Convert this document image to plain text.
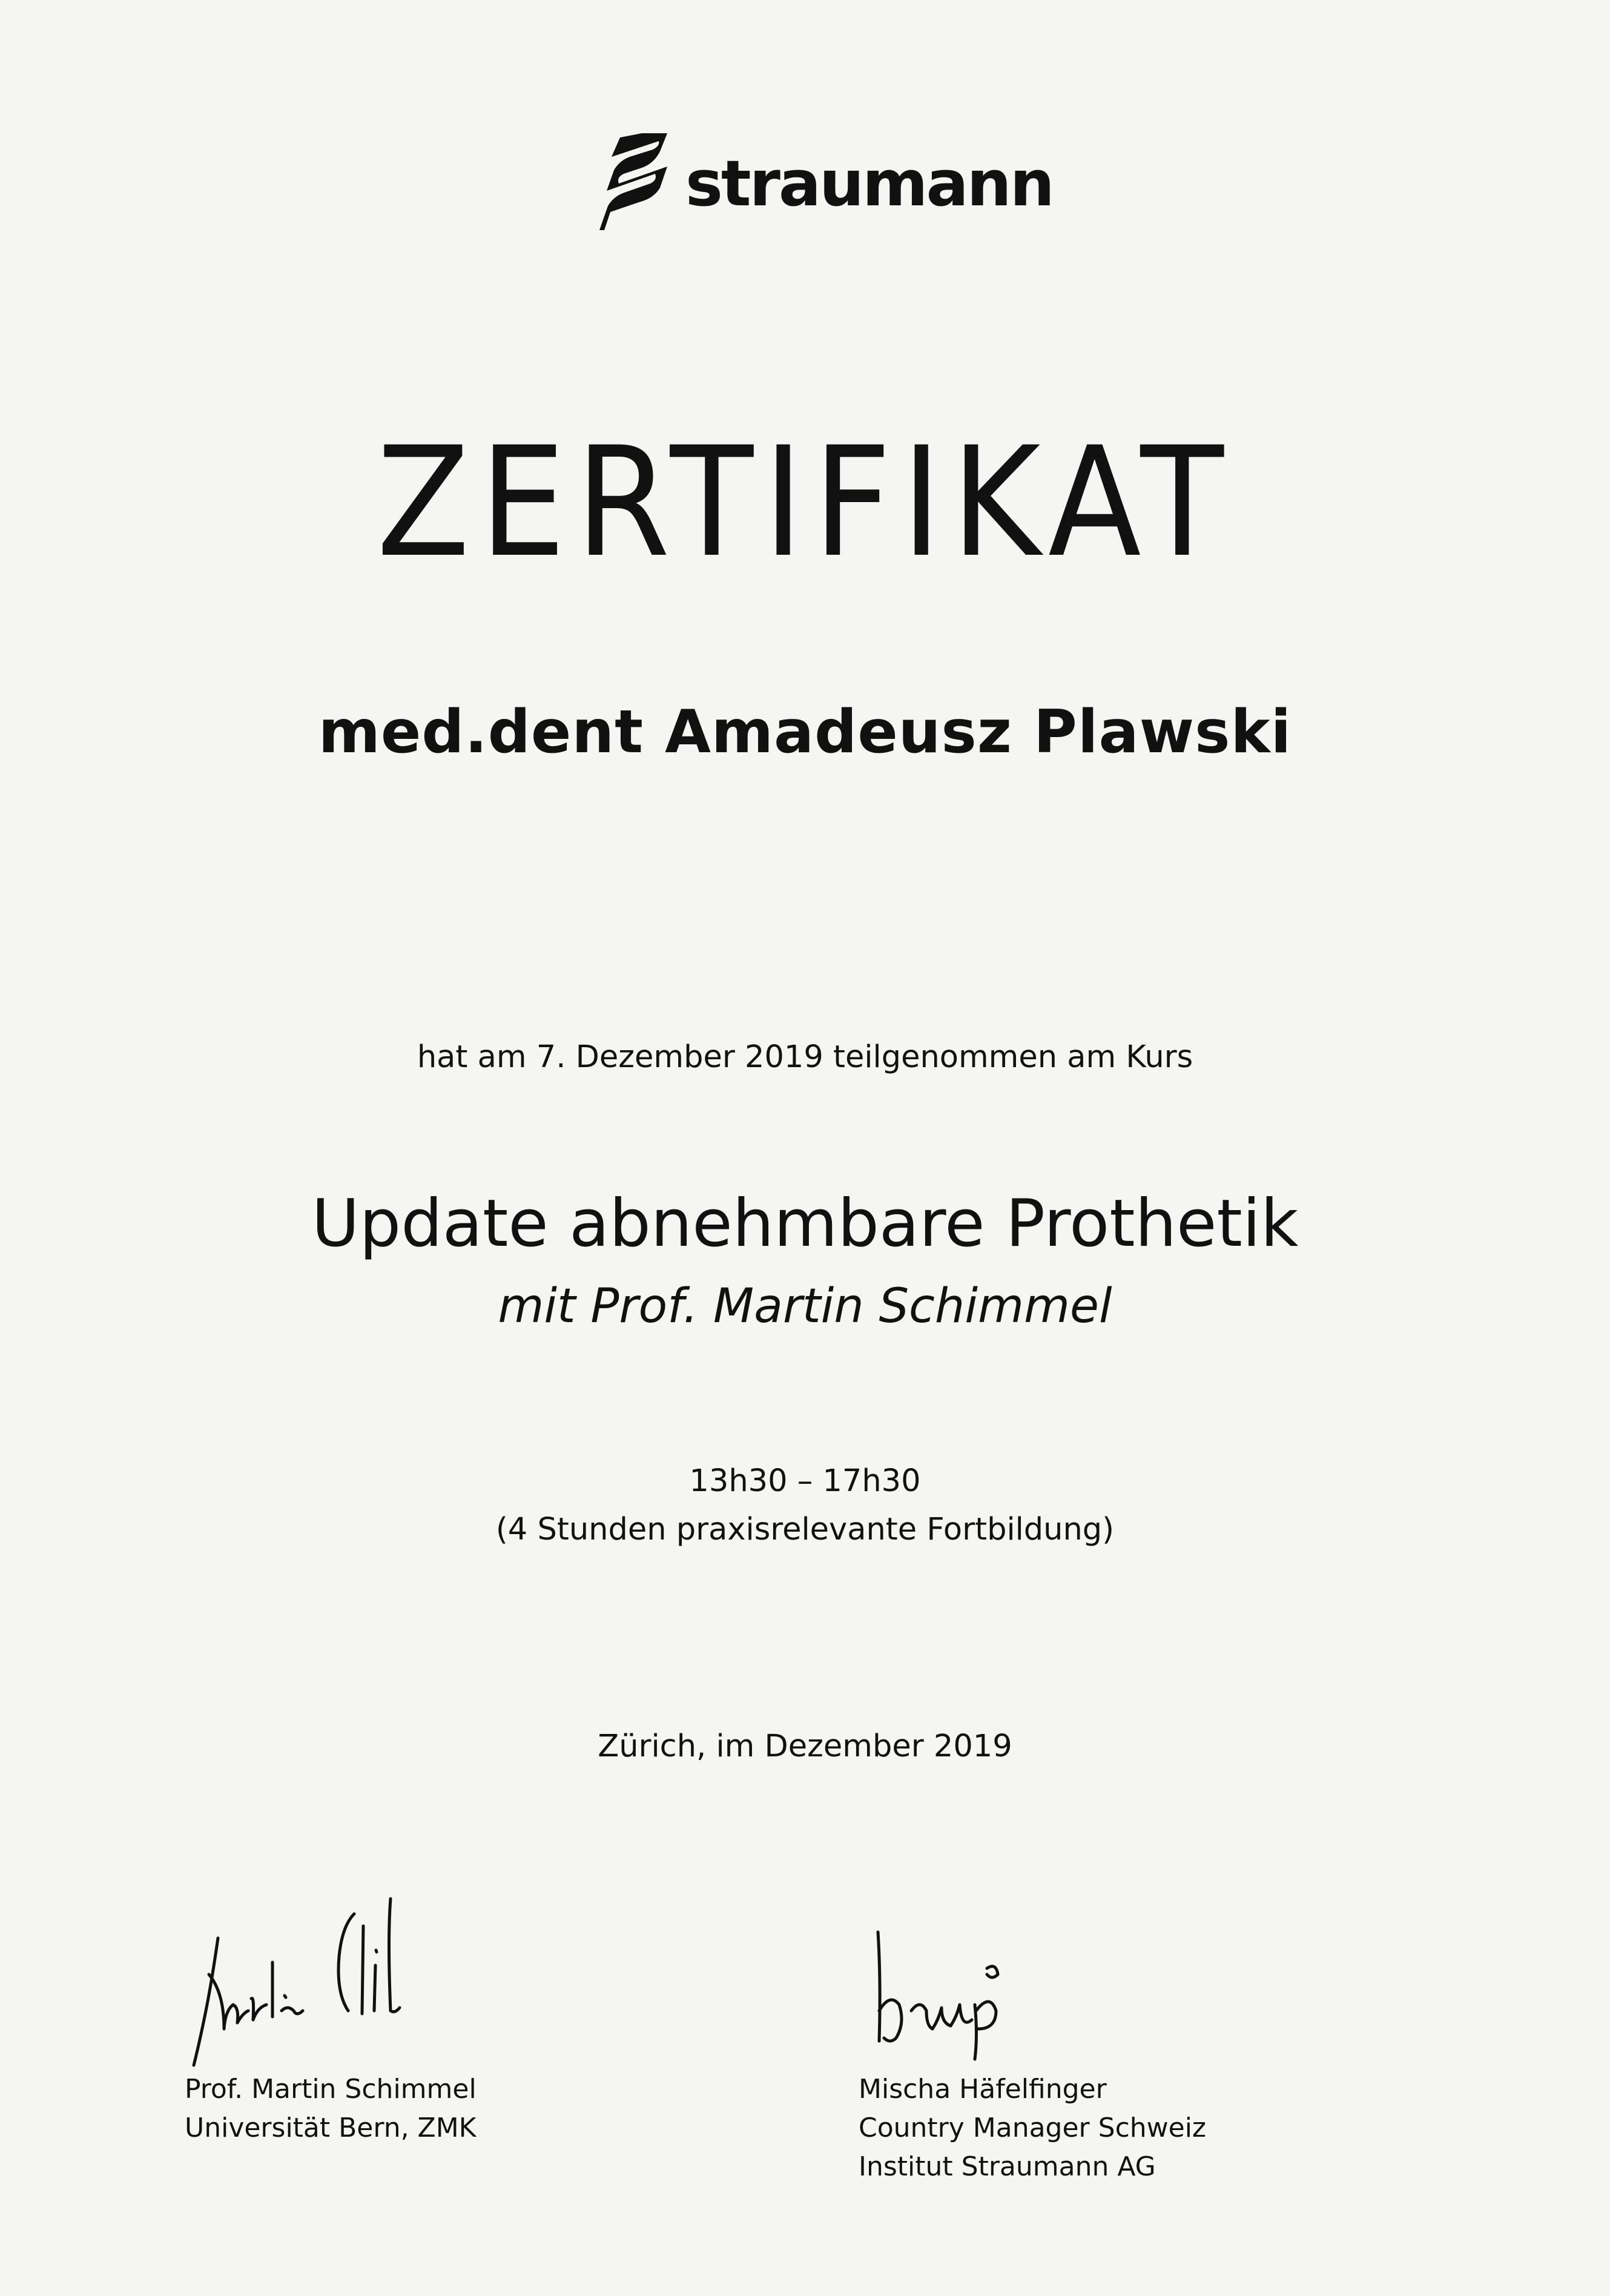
straumann
ZERTIFIKAT
med.dent Amadeusz Plawski
hat am 7. Dezember 2019 teilgenommen am Kurs
Update abnehmbare Prothetik
mit Prof. Martin Schimmel
13h30 – 17h30
(4 Stunden praxisrelevante Fortbildung)
Zürich, im Dezember 2019
Prof. Martin Schimmel
Universität Bern, ZMK
Mischa Häfelfinger
Country Manager Schweiz
Institut Straumann AG
